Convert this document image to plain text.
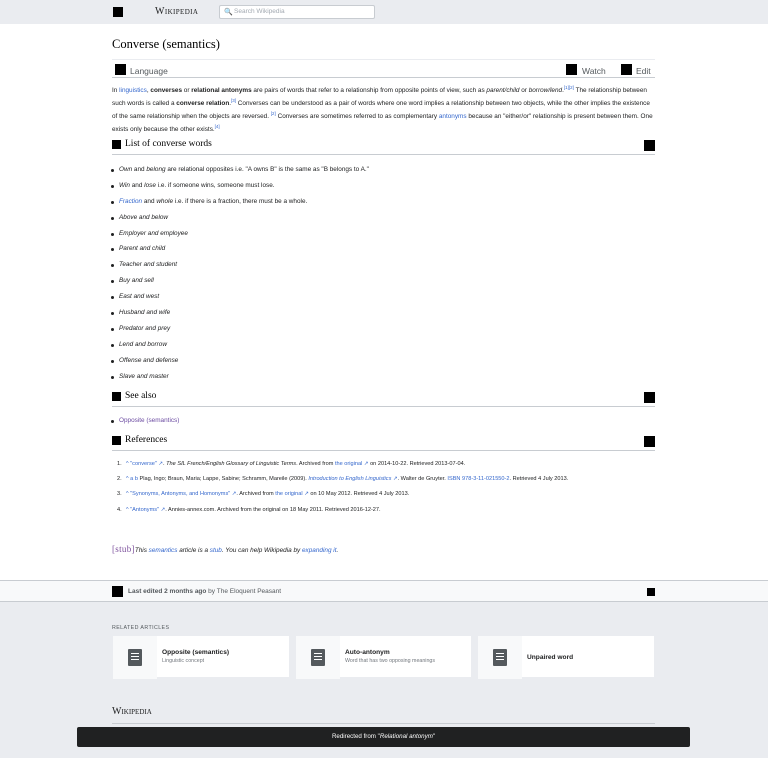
Wikipedia	🔍 Search Wikipedia
Converse (semantics)
Language	Watch	Edit

In linguistics, converses or relational antonyms are pairs of words that refer to a relationship from opposite points of view, such as parent/child or borrow/lend.[1][2] The relationship between such words is called a converse relation.[3] Converses can be understood as a pair of words where one word implies a relationship between two objects, while the other implies the existence of the same relationship when the objects are reversed. [2] Converses are sometimes referred to as complementary antonyms because an "either/or" relationship is present between them. One exists only because the other exists.[4]

List of converse words
Own and belong are relational opposites i.e. "A owns B" is the same as "B belongs to A."
Win and lose i.e. if someone wins, someone must lose.
Fraction and whole i.e. if there is a fraction, there must be a whole.
Above and below
Employer and employee
Parent and child
Teacher and student
Buy and sell
East and west
Husband and wife
Predator and prey
Lend and borrow
Offense and defense
Slave and master
See also
Opposite (semantics)
References
1. ^ "converse" ↗. The SIL French/English Glossary of Linguistic Terms. Archived from the original ↗ on 2014-10-22. Retrieved 2013-07-04.
2. ^ a b Plag, Ingo; Braun, Maria; Lappe, Sabine; Schramm, Mareile (2009). Introduction to English Linguistics ↗. Walter de Gruyter. ISBN 978-3-11-021550-2. Retrieved 4 July 2013.
3. ^ "Synonyms, Antonyms, and Homonyms" ↗. Archived from the original ↗ on 10 May 2012. Retrieved 4 July 2013.
4. ^ "Antonyms" ↗. Annies-annex.com. Archived from the original on 18 May 2011. Retrieved 2016-12-27.
[stub]This semantics article is a stub. You can help Wikipedia by expanding it.
Last edited 2 months ago by The Eloquent Peasant
RELATED ARTICLES
Opposite (semantics)
Linguistic concept
Auto-antonym
Word that has two opposing meanings	Unpaired word
Wikipedia
Redirected from "Relational antonym"
